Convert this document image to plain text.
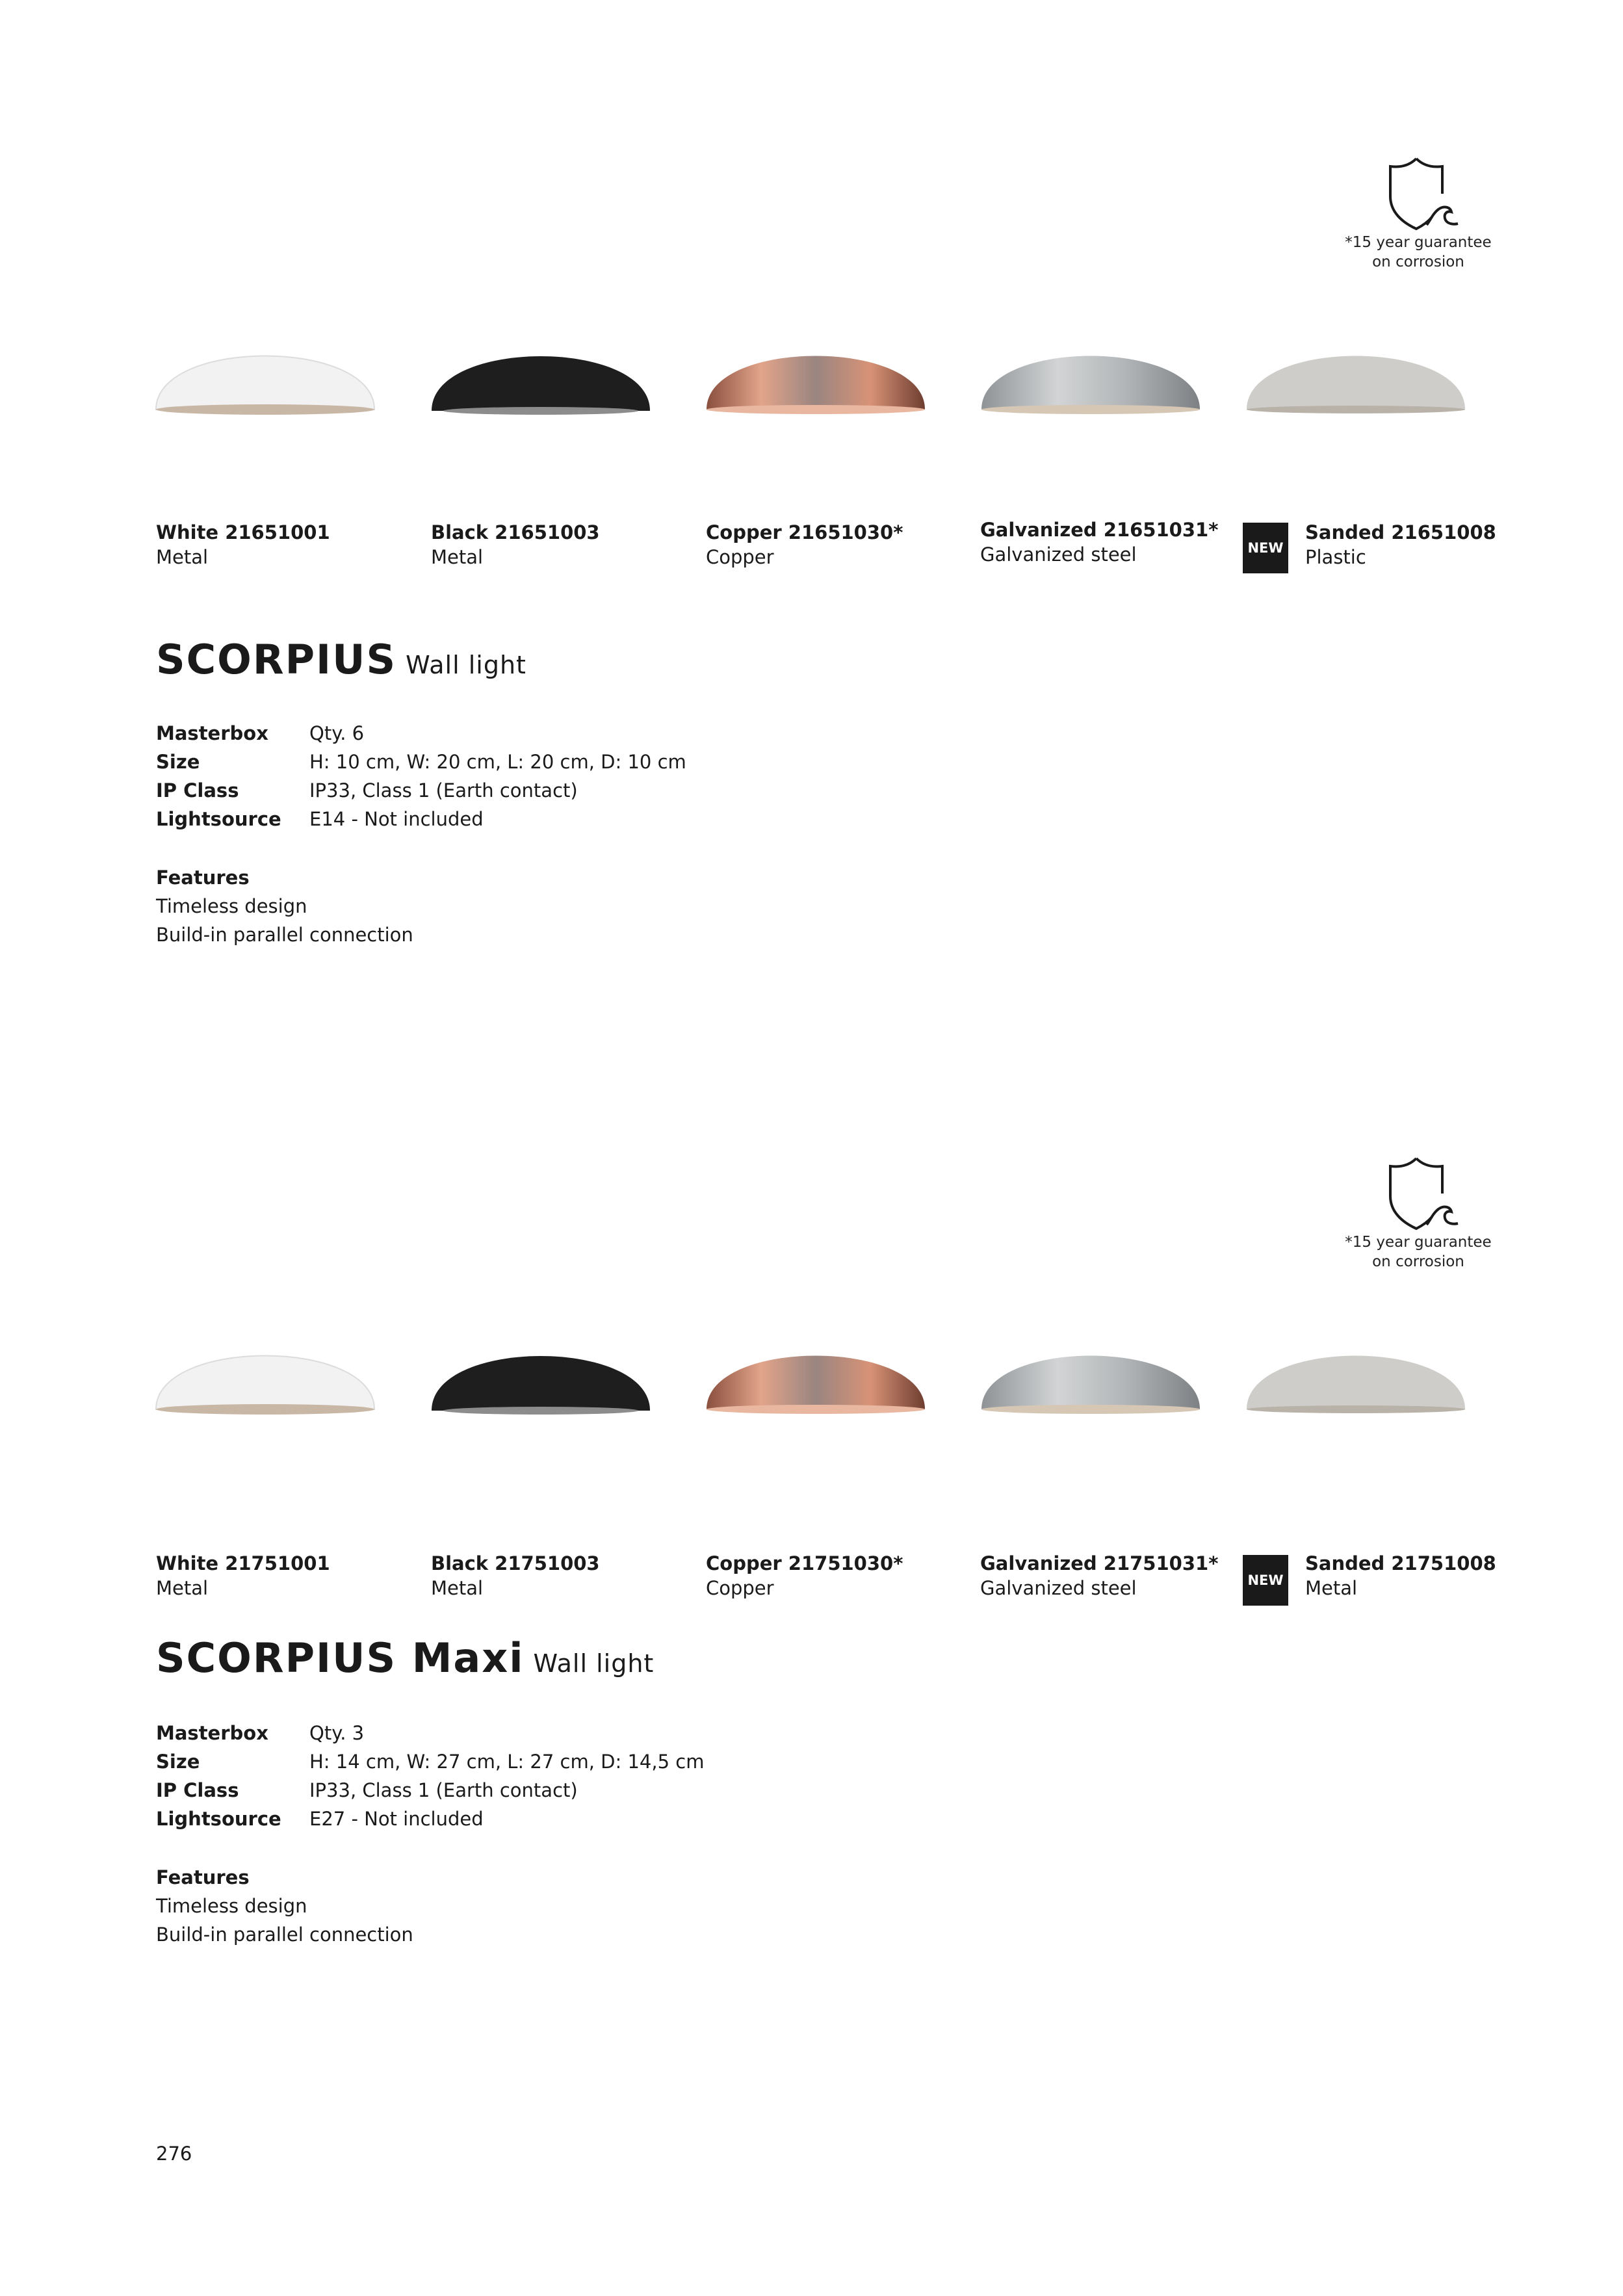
*15 year guarantee
on corrosion
White 21651001
Metal
Black 21651003
Metal
Copper 21651030*
Copper
Galvanized 21651031*
Galvanized steel	NEW
Sanded 21651008
Plastic
SCORPIUS Wall light
Masterbox	Qty. 6
Size	H: 10 cm, W: 20 cm, L: 20 cm, D: 10 cm
IP Class	IP33, Class 1 (Earth contact)
Lightsource	E14 - Not included
Features
Timeless design
Build-in parallel connection
*15 year guarantee
on corrosion
White 21751001
Metal
Black 21751003
Metal
Copper 21751030*
Copper
Galvanized 21751031*
Galvanized steel	NEW
Sanded 21751008
Metal
SCORPIUS Maxi Wall light
Masterbox	Qty. 3
Size	H: 14 cm, W: 27 cm, L: 27 cm, D: 14,5 cm
IP Class	IP33, Class 1 (Earth contact)
Lightsource	E27 - Not included
Features
Timeless design
Build-in parallel connection
276
